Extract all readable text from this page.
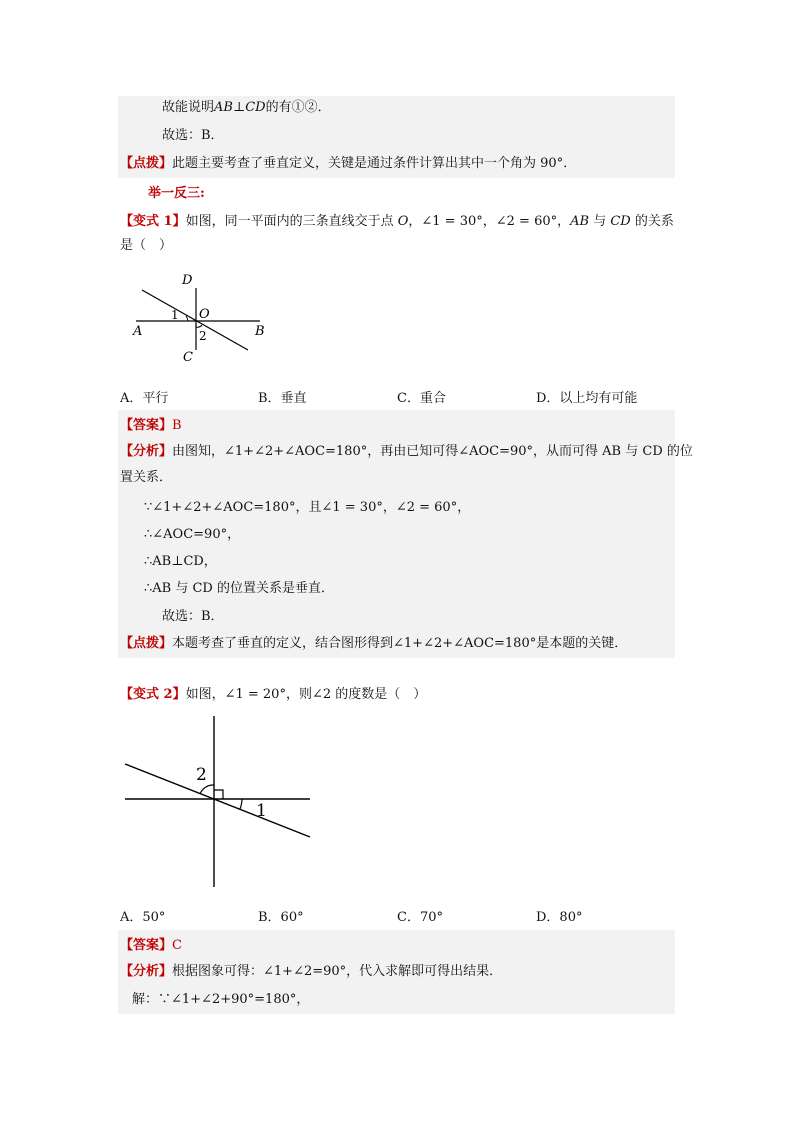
故能说明AB⊥CD的有①②．
故选：B．
【点拨】此题主要考查了垂直定义，关键是通过条件计算出其中一个角为 90°．
举一反三:
【变式 1】如图，同一平面内的三条直线交于点 O，∠1 = 30°，∠2 = 60°，AB 与 CD 的关系
是（　）
D
O
A	B
C
1
2
A．平行	B．垂直	C．重合	D．以上均有可能
【答案】B
【分析】由图知，∠1+∠2+∠AOC=180°，再由已知可得∠AOC=90°，从而可得 AB 与 CD 的位
置关系．
∵∠1+∠2+∠AOC=180°，且∠1 = 30°，∠2 = 60°，
∴∠AOC=90°，
∴AB⊥CD，
∴AB 与 CD 的位置关系是垂直．
故选：B．
【点拨】本题考查了垂直的定义，结合图形得到∠1+∠2+∠AOC=180°是本题的关键．
【变式 2】如图，∠1 = 20°，则∠2 的度数是（　）
2
1
A．50°	B．60°	C．70°	D．80°
【答案】C
【分析】根据图象可得：∠1+∠2=90°，代入求解即可得出结果．
解：∵∠1+∠2+90°=180°，
